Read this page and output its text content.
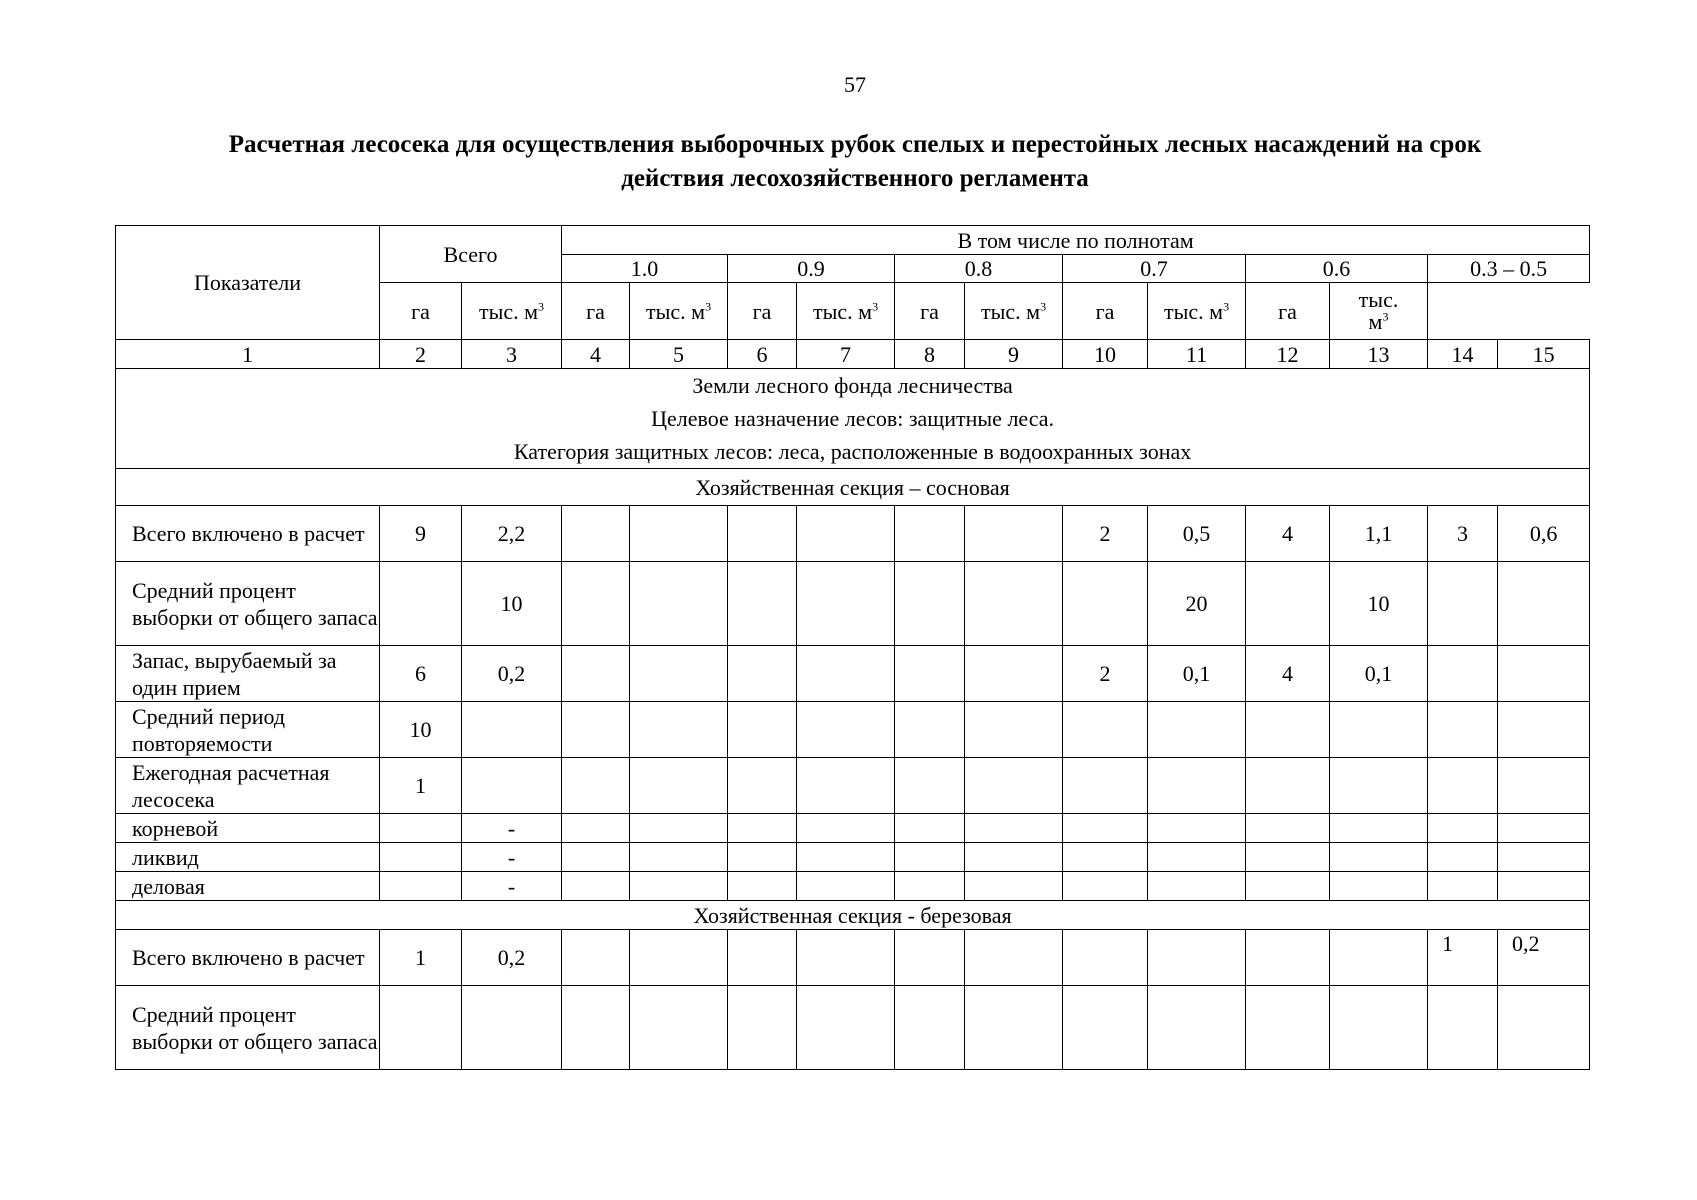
57
Расчетная лесосека для осуществления выборочных рубок спелых и перестойных лесных насаждений на срок
действия лесохозяйственного регламента
Показатели	Всего		В том числе по полнотам											
			1.0		0.9		0.8		0.7		0.6		0.3 – 0.5	
	га	тыс. $м^3$	га	тыс. $м^3$	га	тыс. $м^3$	га	тыс. $м^3$	га	тыс. $м^3$	га	тыс.
$м^3$

1	2	3	4	5	6	7	8	9	10	11	12	13	14	15

Земли лесного фонда лесничества
Целевое назначение лесов: защитные леса.
Категория защитных лесов: леса, расположенные в водоохранных зонах														

Хозяйственная секция – сосновая														
Всего включено в расчет	9	2,2							2	0,5	4	1,1	3	0,6
Средний процент выборки от общего запаса		10								20		10		
Запас, вырубаемый за один прием	6	0,2							2	0,1	4	0,1		
Средний период повторяемости	10													
Ежегодная расчетная лесосека	1													
корневой		-												
ликвид		-												
деловая		-												
Хозяйственная секция - березовая														
Всего включено в расчет	1	0,2											1	0,2
Средний процент выборки от общего запаса														
